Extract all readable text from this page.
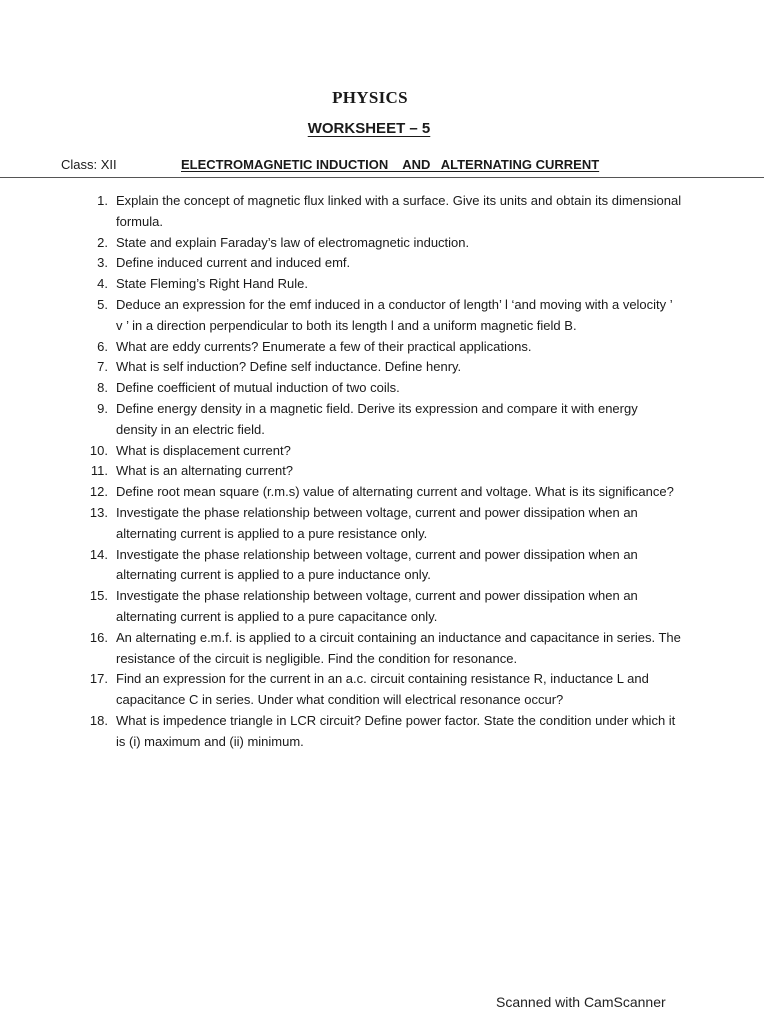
PHYSICS
WORKSHEET – 5
Class: XII	ELECTROMAGNETIC INDUCTION    AND   ALTERNATING CURRENT
1. Explain the concept of magnetic flux linked with a surface. Give its units and obtain its dimensional formula.
2. State and explain Faraday’s law of electromagnetic induction.
3. Define induced current and induced emf.
4. State Fleming’s Right Hand Rule.
5. Deduce an expression for the emf induced in a conductor of length’ l ‘and moving with a velocity ’ v ’ in a direction perpendicular to both its length l and a uniform magnetic field B.
6. What are eddy currents? Enumerate a few of their practical applications.
7. What is self induction? Define self inductance. Define henry.
8. Define coefficient of mutual induction of two coils.
9. Define energy density in a magnetic field. Derive its expression and compare it with energy density in an electric field.
10. What is displacement current?
11. What is an alternating current?
12. Define root mean square (r.m.s) value of alternating current and voltage. What is its significance?
13. Investigate the phase relationship between voltage, current and power dissipation when an alternating current is applied to a pure resistance only.
14. Investigate the phase relationship between voltage, current and power dissipation when an alternating current is applied to a pure inductance only.
15. Investigate the phase relationship between voltage, current and power dissipation when an alternating current is applied to a pure capacitance only.
16. An alternating e.m.f. is applied to a circuit containing an inductance and capacitance in series. The resistance of the circuit is negligible. Find the condition for resonance.
17. Find an expression for the current in an a.c. circuit containing resistance R, inductance L and capacitance C in series. Under what condition will electrical resonance occur?
18. What is impedence triangle in LCR circuit? Define power factor. State the condition under which it is (i) maximum and (ii) minimum.
Scanned with CamScanner
